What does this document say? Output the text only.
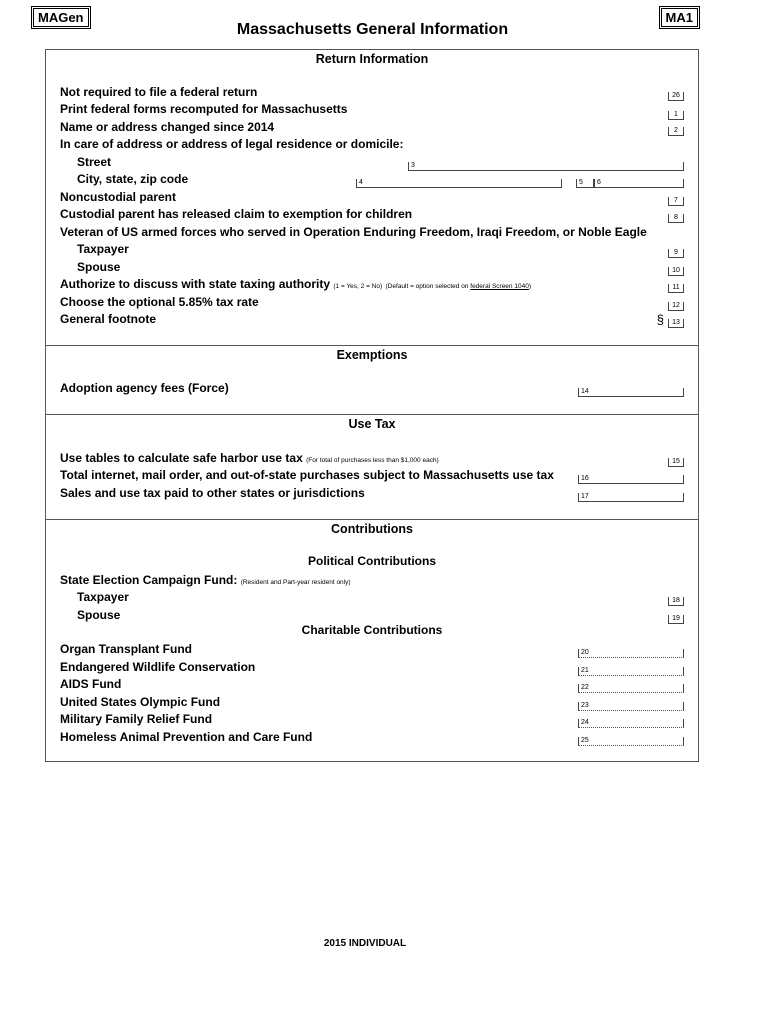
MAGen	MA1
Massachusetts General Information
Return Information
Not required to file a federal return	26
Print federal forms recomputed for Massachusetts	1
Name or address changed since 2014	2
In care of address or address of legal residence or domicile:
Street	3
City, state, zip code	4	5	6
Noncustodial parent	7
Custodial parent has released claim to exemption for children	8
Veteran of US armed forces who served in Operation Enduring Freedom, Iraqi Freedom, or Noble Eagle
Taxpayer	9
Spouse	10
Authorize to discuss with state taxing authority (1 = Yes, 2 = No) (Default = option selected on federal Screen 1040)	11
Choose the optional 5.85% tax rate	12
General footnote	§	13
Exemptions
Adoption agency fees (Force)	14
Use Tax
Use tables to calculate safe harbor use tax (For total of purchases less than $1,000 each)	15
Total internet, mail order, and out-of-state purchases subject to Massachusetts use tax	16
Sales and use tax paid to other states or jurisdictions	17
Contributions
Political Contributions
State Election Campaign Fund: (Resident and Part-year resident only)
Taxpayer	18
Spouse	19
Charitable Contributions
Organ Transplant Fund	20
Endangered Wildlife Conservation	21
AIDS Fund	22
United States Olympic Fund	23
Military Family Relief Fund	24
Homeless Animal Prevention and Care Fund	25
2015 INDIVIDUAL
